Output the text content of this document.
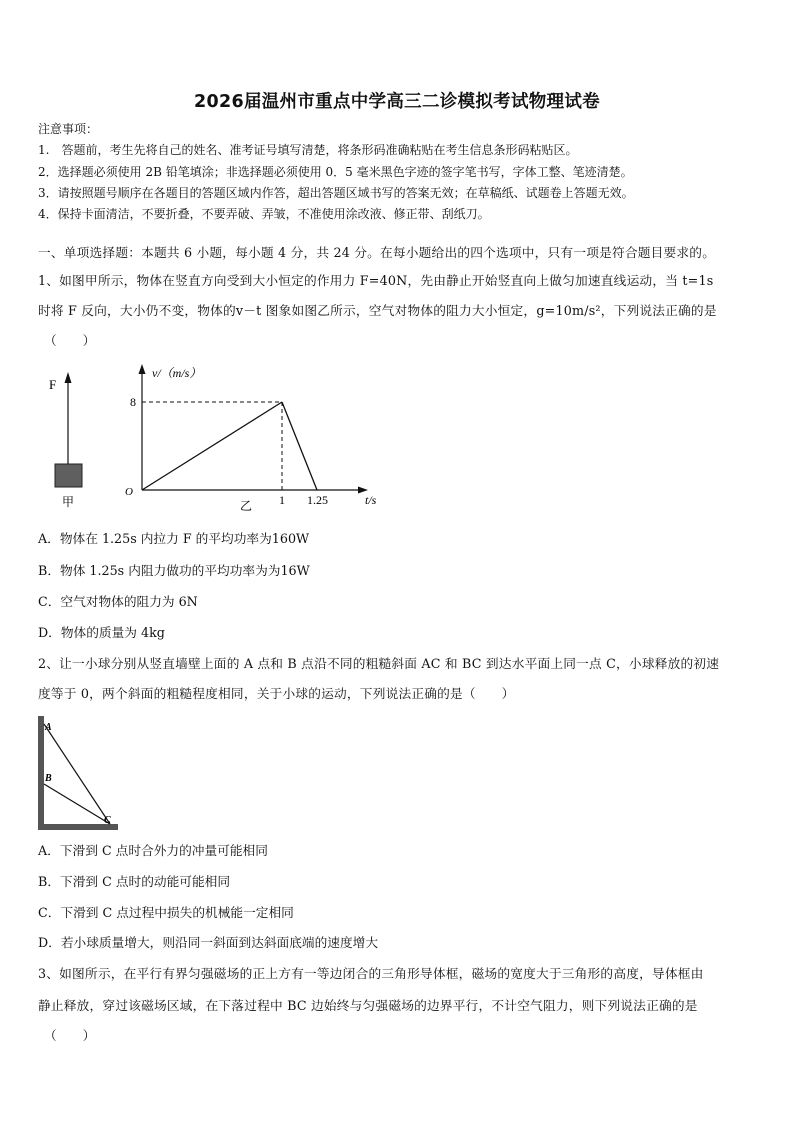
2026届温州市重点中学高三二诊模拟考试物理试卷
注意事项：
1.　答题前，考生先将自己的姓名、准考证号填写清楚，将条形码准确粘贴在考生信息条形码粘贴区。
2．选择题必须使用 2B 铅笔填涂；非选择题必须使用 0．5 毫米黑色字迹的签字笔书写，字体工整、笔迹清楚。
3．请按照题号顺序在各题目的答题区域内作答，超出答题区域书写的答案无效；在草稿纸、试题卷上答题无效。
4．保持卡面清洁，不要折叠，不要弄破、弄皱，不准使用涂改液、修正带、刮纸刀。
一、单项选择题：本题共 6 小题，每小题 4 分，共 24 分。在每小题给出的四个选项中，只有一项是符合题目要求的。
1、如图甲所示，物体在竖直方向受到大小恒定的作用力 F=40N，先由静止开始竖直向上做匀加速直线运动，当 t=1s
时将 F 反向，大小仍不变，物体的v－t 图象如图乙所示，空气对物体的阻力大小恒定，g=10m/s²，下列说法正确的是
（　　）
F
甲
v/（m/s）
t/s
O
8
1 1.25
乙
A．物体在 1.25s 内拉力 F 的平均功率为160W
B．物体 1.25s 内阻力做功的平均功率为为16W
C．空气对物体的阻力为 6N
D．物体的质量为 4kg
2、让一小球分别从竖直墙壁上面的 A 点和 B 点沿不同的粗糙斜面 AC 和 BC 到达水平面上同一点 C，小球释放的初速
度等于 0，两个斜面的粗糙程度相同，关于小球的运动，下列说法正确的是（　　）
A
B
C
A．下滑到 C 点时合外力的冲量可能相同
B．下滑到 C 点时的动能可能相同
C．下滑到 C 点过程中损失的机械能一定相同
D．若小球质量增大，则沿同一斜面到达斜面底端的速度增大
3、如图所示，在平行有界匀强磁场的正上方有一等边闭合的三角形导体框，磁场的宽度大于三角形的高度，导体框由
静止释放，穿过该磁场区域，在下落过程中 BC 边始终与匀强磁场的边界平行，不计空气阻力，则下列说法正确的是
（　　）
